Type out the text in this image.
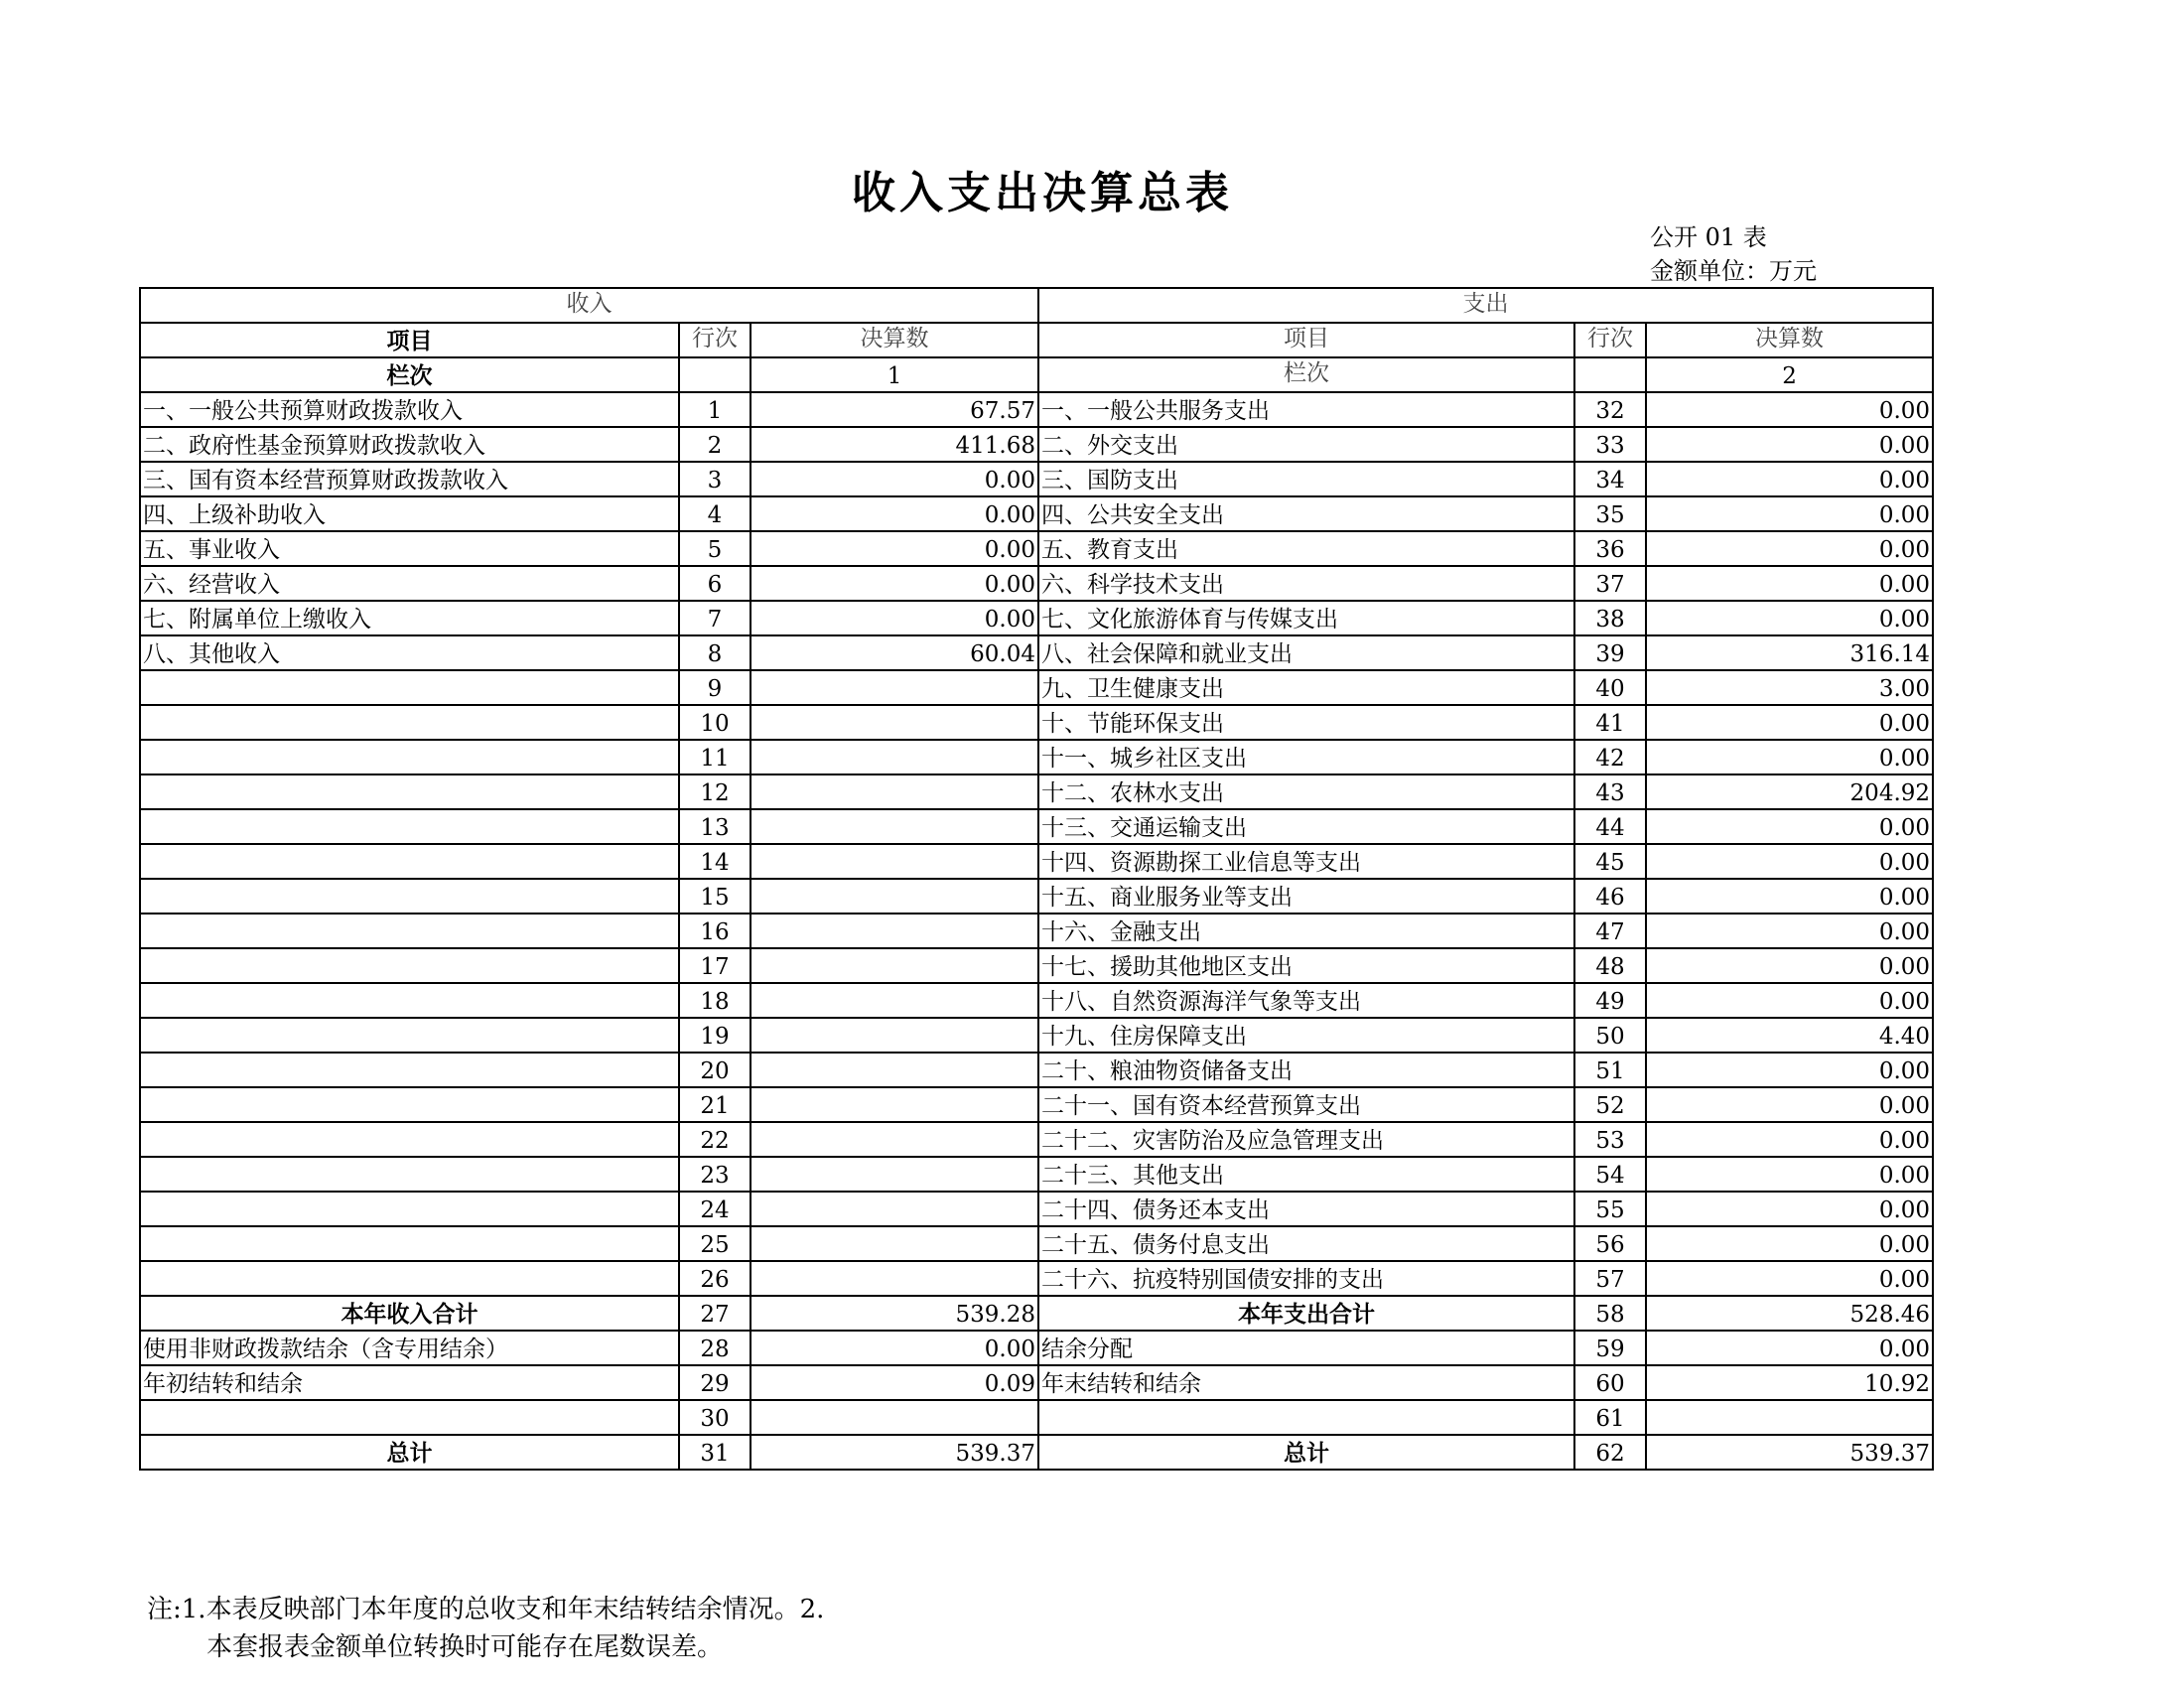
收入支出决算总表
公开 01 表
金额单位：万元
收入			支出		
项目	行次	决算数	项目	行次	决算数
栏次		1	栏次		2
一、一般公共预算财政拨款收入	1	67.57	一、一般公共服务支出	32	0.00
二、政府性基金预算财政拨款收入	2	411.68	二、外交支出	33	0.00
三、国有资本经营预算财政拨款收入	3	0.00	三、国防支出	34	0.00
四、上级补助收入	4	0.00	四、公共安全支出	35	0.00
五、事业收入	5	0.00	五、教育支出	36	0.00
六、经营收入	6	0.00	六、科学技术支出	37	0.00
七、附属单位上缴收入	7	0.00	七、文化旅游体育与传媒支出	38	0.00
八、其他收入	8	60.04	八、社会保障和就业支出	39	316.14
	9		九、卫生健康支出	40	3.00
	10		十、节能环保支出	41	0.00
	11		十一、城乡社区支出	42	0.00
	12		十二、农林水支出	43	204.92
	13		十三、交通运输支出	44	0.00
	14		十四、资源勘探工业信息等支出	45	0.00
	15		十五、商业服务业等支出	46	0.00
	16		十六、金融支出	47	0.00
	17		十七、援助其他地区支出	48	0.00
	18		十八、自然资源海洋气象等支出	49	0.00
	19		十九、住房保障支出	50	4.40
	20		二十、粮油物资储备支出	51	0.00
	21		二十一、国有资本经营预算支出	52	0.00
	22		二十二、灾害防治及应急管理支出	53	0.00
	23		二十三、其他支出	54	0.00
	24		二十四、债务还本支出	55	0.00
	25		二十五、债务付息支出	56	0.00
	26		二十六、抗疫特别国债安排的支出	57	0.00
本年收入合计	27	539.28	本年支出合计	58	528.46
使用非财政拨款结余（含专用结余）	28	0.00	结余分配	59	0.00
年初结转和结余	29	0.09	年末结转和结余	60	10.92
	30			61	
总计	31	539.37	总计	62	539.37
注:1.本表反映部门本年度的总收支和年末结转结余情况。2.
本套报表金额单位转换时可能存在尾数误差。
